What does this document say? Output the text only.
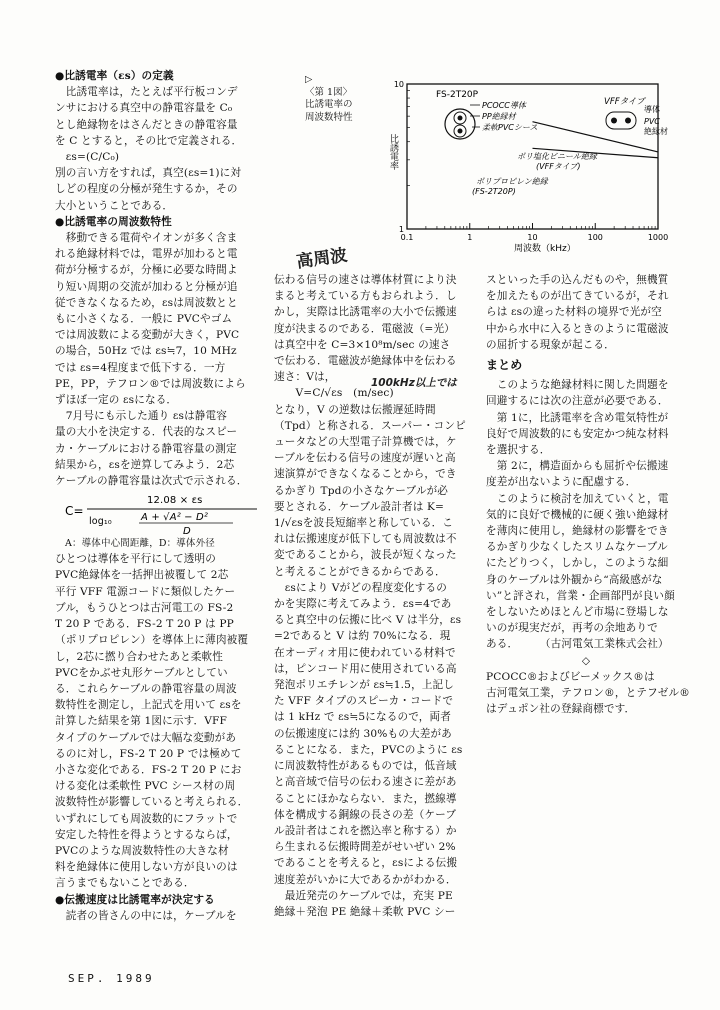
▷

〈第 1図〉

比誘電率の

周波数特性

FS-2T20P
PCOCC導体
PP絶縁材
柔軟PVCシース
VFFタイプ
導体
PVC
絶縁材
0.1	1	10	100	1000
10
1
比誘電率
周波数（kHz）
ポリ塩化ビニール絶縁
(VFFタイプ)
ポリプロピレン絶縁
(FS-2T20P)

●比誘電率（εs）の定義

　比誘電率は，たとえば平行板コンデ

ンサにおける真空中の静電容量を C₀

とし絶縁物をはさんだときの静電容量

を C とすると，その比で定義される．

　εs=(C/C₀)

別の言い方をすれば，真空(εs=1)に対

しどの程度の分極が発生するか，その

大小ということである．

●比誘電率の周波数特性

　移動できる電荷やイオンが多く含ま

れる絶縁材料では，電界が加わると電

荷が分極するが，分極に必要な時間よ

り短い周期の交流が加わると分極が追

従できなくなるため，εsは周波数とと

もに小さくなる．一般に PVCやゴム

では周波数による変動が大きく，PVC

の場合，50Hz では εs≒7，10 MHz

では εs=4程度まで低下する．一方

PE，PP，テフロン®では周波数によら

ずほぼ一定の εsになる．

　7月号にも示した通り εsは静電容

量の大小を決定する．代表的なスピー

カ・ケーブルにおける静電容量の測定

結果から，εsを逆算してみよう．2芯

ケーブルの静電容量は次式で示される．

C=
12.08 × εs
log₁₀	A + √A² − D²
D

A：導体中心間距離，D：導体外径

ひとつは導体を平行にして透明の

PVC絶縁体を一括押出被覆して 2芯

平行 VFF 電源コードに類似したケー

ブル，もうひとつは古河電工の FS-2

T 20 P である．FS-2 T 20 P は PP

（ポリプロピレン）を導体上に薄肉被覆

し，2芯に撚り合わせたあと柔軟性

PVCをかぶせ丸形ケーブルとしてい

る．これらケーブルの静電容量の周波

数特性を測定し，上記式を用いて εsを

計算した結果を第 1図に示す．VFF

タイプのケーブルでは大幅な変動があ

るのに対し，FS-2 T 20 P では極めて

小さな変化である．FS-2 T 20 P にお

ける変化は柔軟性 PVC シース材の周

波数特性が影響していると考えられる．

いずれにしても周波数的にフラットで

安定した特性を得ようとするならば，

PVCのような周波数特性の大きな材

料を絶縁体に使用しない方が良いのは

言うまでもないことである．

●伝搬速度は比誘電率が決定する

　読者の皆さんの中には，ケーブルを

高周波
100kHz以上では

伝わる信号の速さは導体材質により決

まると考えている方もおられよう．し

かし，実際は比誘電率の大小で伝搬速

度が決まるのである．電磁波（=光）

は真空中を C=3×10⁸m/sec の速さ

で伝わる．電磁波が絶縁体中を伝わる

速さ：Vは，

　　V=C/√εs　(m/sec)

となり，V の逆数は伝搬遅延時間

（Tpd）と称される．スーパー・コンピ

ュータなどの大型電子計算機では，ケ

ーブルを伝わる信号の速度が遅いと高

速演算ができなくなることから，でき

るかぎり Tpdの小さなケーブルが必

要とされる．ケーブル設計者は K=

1/√εsを波長短縮率と称している．こ

れは伝搬速度が低下しても周波数は不

変であることから，波長が短くなった

と考えることができるからである．

　εsにより Vがどの程度変化するの

かを実際に考えてみよう．εs=4であ

ると真空中の伝搬に比べ V は半分，εs

=2であると V は約 70%になる．現

在オーディオ用に使われている材料で

は，ピンコード用に使用されている高

発泡ポリエチレンが εs≒1.5，上記し

た VFF タイプのスピーカ・コードで

は 1 kHz で εs≒5になるので，両者

の伝搬速度には約 30%もの大差があ

ることになる．また，PVCのように εs

に周波数特性があるものでは，低音域

と高音域で信号の伝わる速さに差があ

ることにほかならない．また，撚線導

体を構成する銅線の長さの差（ケーブ

ル設計者はこれを撚込率と称する）か

ら生まれる伝搬時間差がせいぜい 2%

であることを考えると，εsによる伝搬

速度差がいかに大であるかがわかる．

　最近発売のケーブルでは，充実 PE

絶縁＋発泡 PE 絶縁＋柔軟 PVC シー

スといった手の込んだものや，無機質

を加えたものが出てきているが，それ

らは εsの違った材料の境界で光が空

中から水中に入るときのように電磁波

の屈折する現象が起こる．

まとめ

　このような絶縁材料に関した問題を

回避するには次の注意が必要である．

　第 1に，比誘電率を含め電気特性が

良好で周波数的にも安定かつ純な材料

を選択する．

　第 2に，構造面からも屈折や伝搬速

度差が出ないように配慮する．

　このように検討を加えていくと，電

気的に良好で機械的に硬く強い絶縁材

を薄肉に使用し，絶縁材の影響をでき

るかぎり少なくしたスリムなケーブル

にたどりつく，しかし，このような細

身のケーブルは外観から“高級感がな

い”と評され，営業・企画部門が良い顔

をしないためほとんど市場に登場しな

いのが現実だが，再考の余地ありで

ある．　　　（古河電気工業株式会社）

◇

PCOCC®およびビーメックス®は

古河電気工業，テフロン®，とテフゼル®

はデュポン社の登録商標です．

SEP. 1989
